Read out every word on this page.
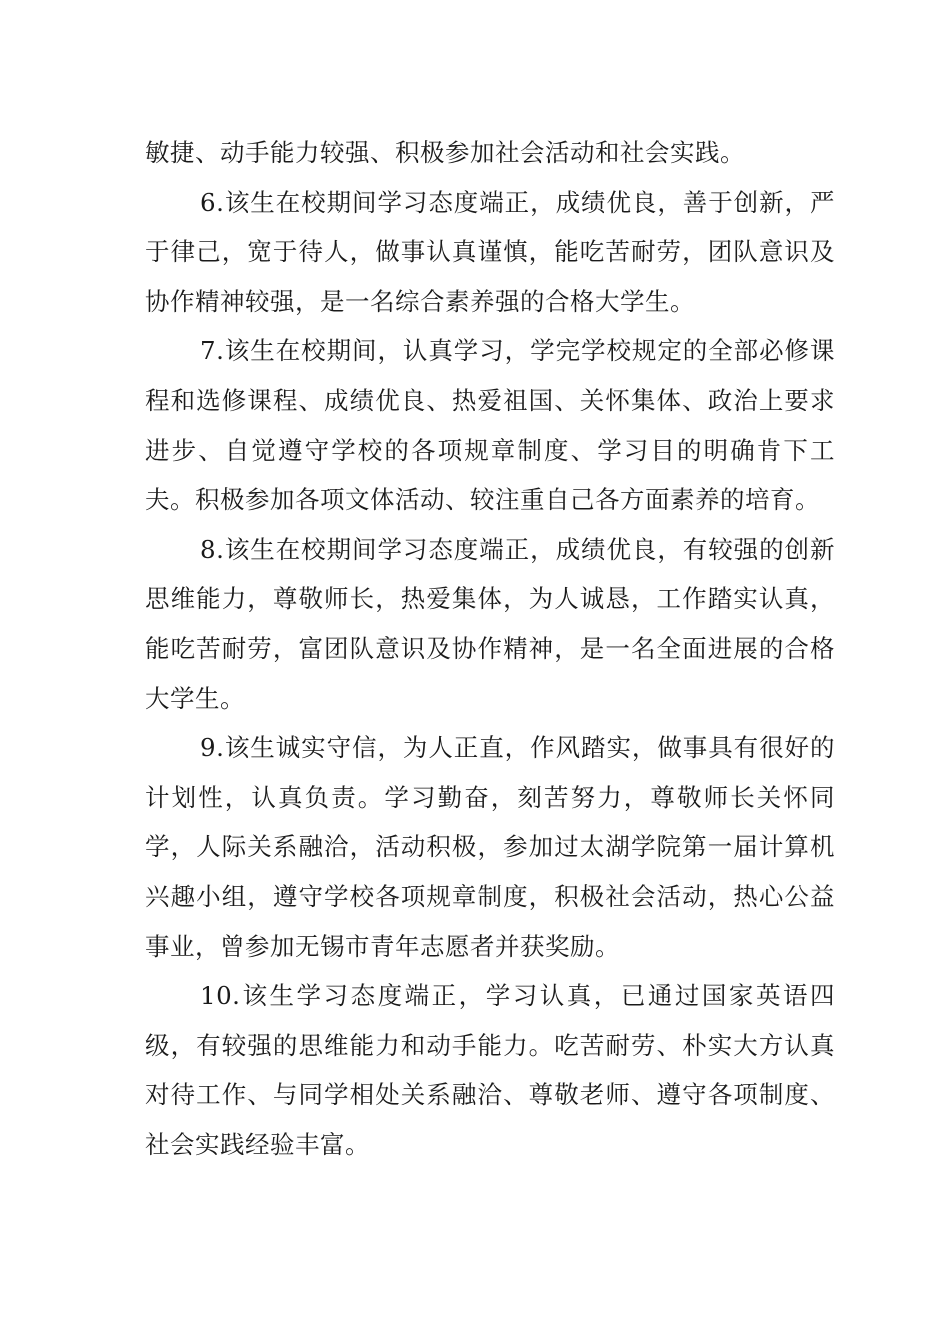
敏捷、动手能力较强、积极参加社会活动和社会实践。

6.该生在校期间学习态度端正，成绩优良，善于创新，严于律己，宽于待人，做事认真谨慎，能吃苦耐劳，团队意识及协作精神较强，是一名综合素养强的合格大学生。

7.该生在校期间，认真学习，学完学校规定的全部必修课程和选修课程、成绩优良、热爱祖国、关怀集体、政治上要求进步、自觉遵守学校的各项规章制度、学习目的明确肯下工夫。积极参加各项文体活动、较注重自己各方面素养的培育。

8.该生在校期间学习态度端正，成绩优良，有较强的创新思维能力，尊敬师长，热爱集体，为人诚恳，工作踏实认真，能吃苦耐劳，富团队意识及协作精神，是一名全面进展的合格大学生。

9.该生诚实守信，为人正直，作风踏实，做事具有很好的计划性，认真负责。学习勤奋，刻苦努力，尊敬师长关怀同学，人际关系融洽，活动积极，参加过太湖学院第一届计算机兴趣小组，遵守学校各项规章制度，积极社会活动，热心公益事业，曾参加无锡市青年志愿者并获奖励。

10.该生学习态度端正，学习认真，已通过国家英语四级，有较强的思维能力和动手能力。吃苦耐劳、朴实大方认真对待工作、与同学相处关系融洽、尊敬老师、遵守各项制度、社会实践经验丰富。
